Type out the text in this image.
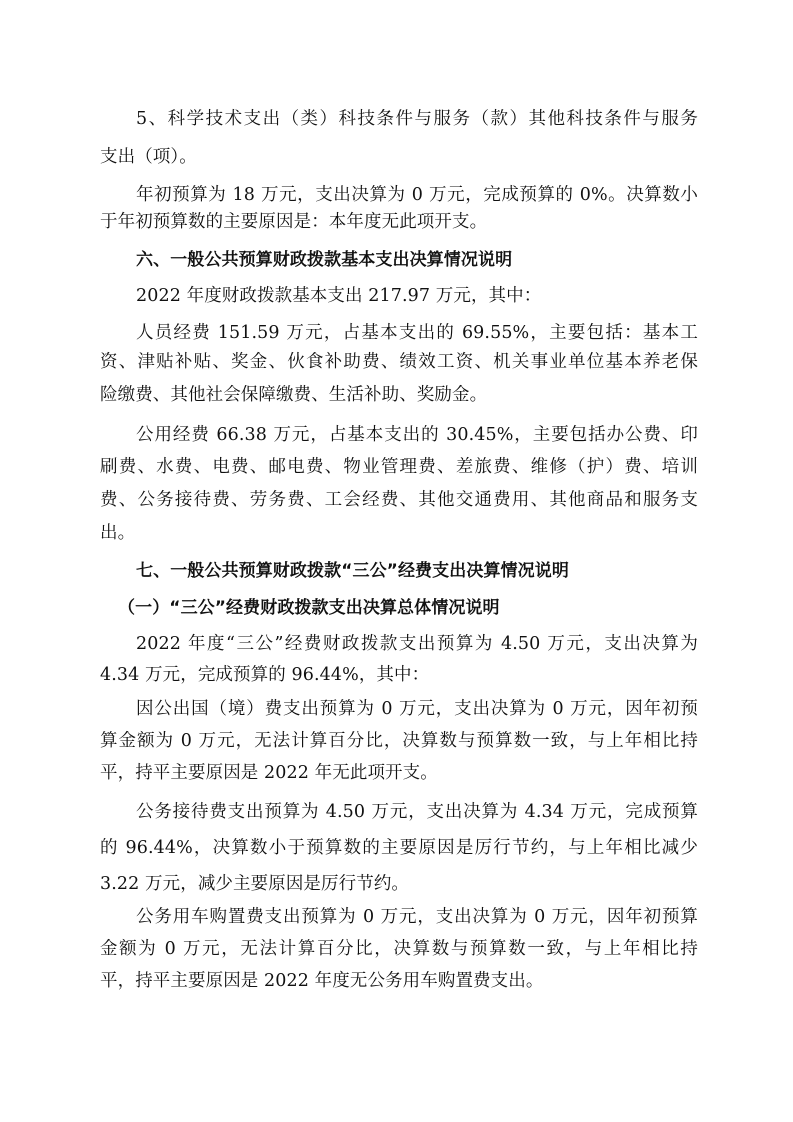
5、科学技术支出（类）科技条件与服务（款）其他科技条件与服务
支出（项）。
年初预算为 18 万元，支出决算为 0 万元，完成预算的 0%。决算数小
于年初预算数的主要原因是：本年度无此项开支。
六、一般公共预算财政拨款基本支出决算情况说明
2022 年度财政拨款基本支出 217.97 万元，其中：
人员经费 151.59 万元，占基本支出的 69.55%，主要包括：基本工
资、津贴补贴、奖金、伙食补助费、绩效工资、机关事业单位基本养老保
险缴费、其他社会保障缴费、生活补助、奖励金。
公用经费 66.38 万元，占基本支出的 30.45%，主要包括办公费、印
刷费、水费、电费、邮电费、物业管理费、差旅费、维修（护）费、培训
费、公务接待费、劳务费、工会经费、其他交通费用、其他商品和服务支
出。
七、一般公共预算财政拨款“三公”经费支出决算情况说明
（一）“三公”经费财政拨款支出决算总体情况说明
2022 年度“三公”经费财政拨款支出预算为 4.50 万元，支出决算为
4.34 万元，完成预算的 96.44%，其中：
因公出国（境）费支出预算为 0 万元，支出决算为 0 万元，因年初预
算金额为 0 万元，无法计算百分比，决算数与预算数一致，与上年相比持
平，持平主要原因是 2022 年无此项开支。
公务接待费支出预算为 4.50 万元，支出决算为 4.34 万元，完成预算
的 96.44%，决算数小于预算数的主要原因是厉行节约，与上年相比减少
3.22 万元，减少主要原因是厉行节约。
公务用车购置费支出预算为 0 万元，支出决算为 0 万元，因年初预算
金额为 0 万元，无法计算百分比，决算数与预算数一致，与上年相比持
平，持平主要原因是 2022 年度无公务用车购置费支出。
